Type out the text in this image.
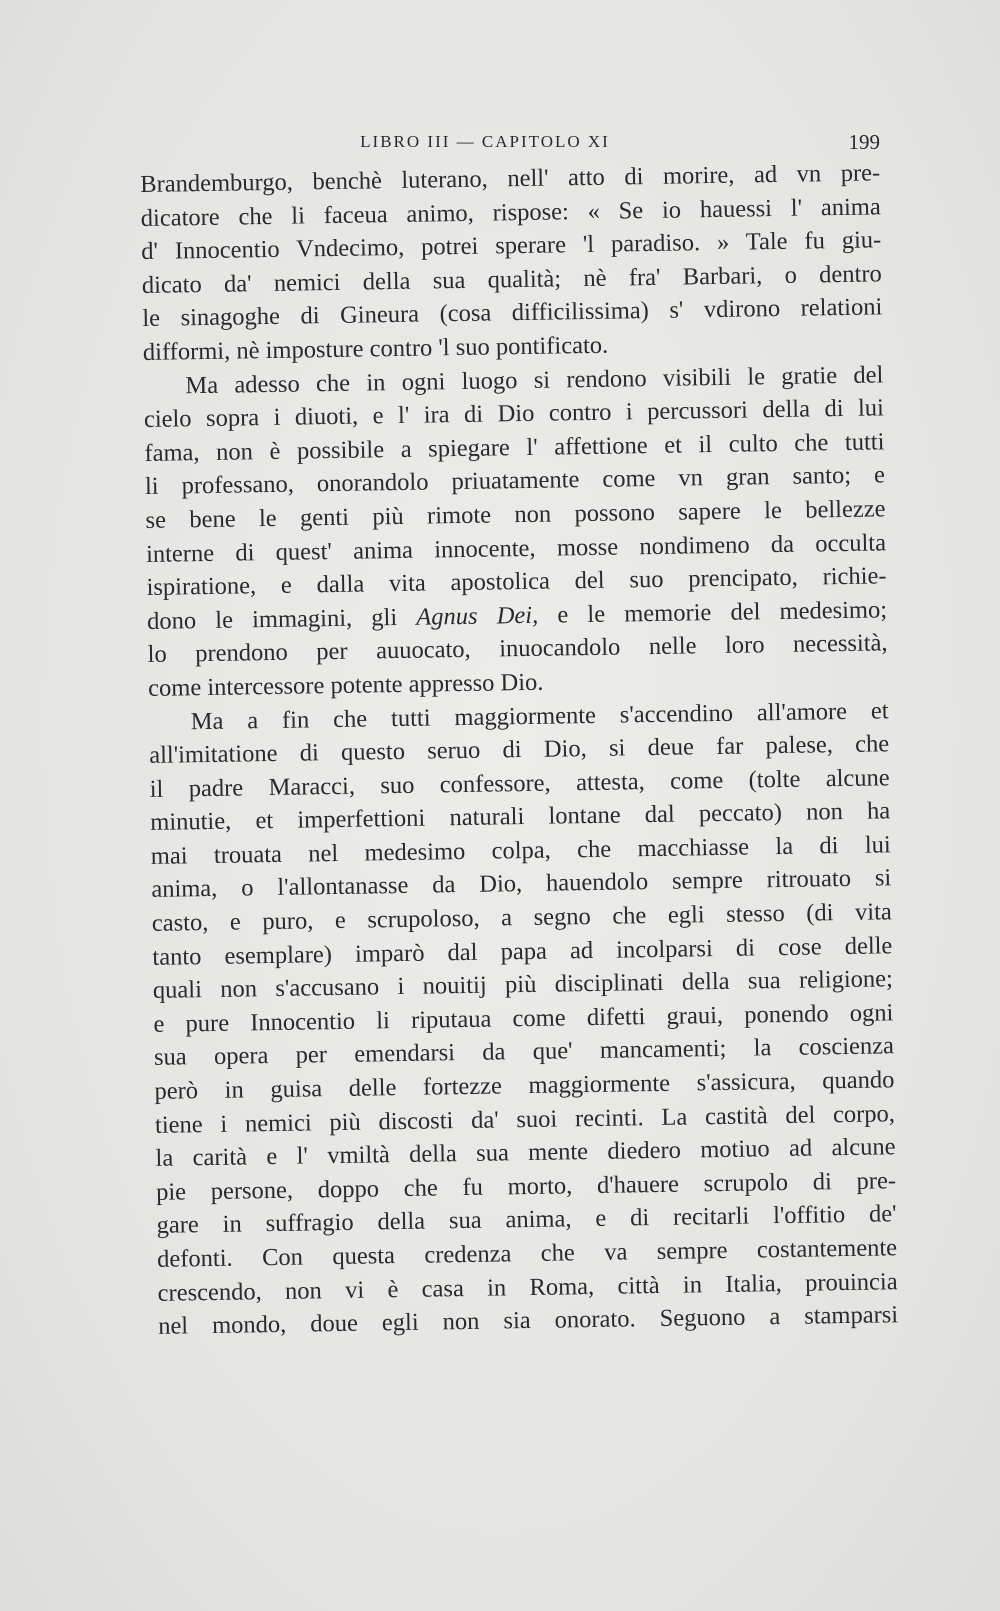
LIBRO III — CAPITOLO XI	199
Brandemburgo, benchè luterano, nell' atto di morire, ad vn pre-
dicatore che li faceua animo, rispose: « Se io hauessi l' anima
d' Innocentio Vndecimo, potrei sperare 'l paradiso. » Tale fu giu-
dicato da' nemici della sua qualità; nè fra' Barbari, o dentro
le sinagoghe di Gineura (cosa difficilissima) s' vdirono relationi
difformi, nè imposture contro 'l suo pontificato.
Ma adesso che in ogni luogo si rendono visibili le gratie del
cielo sopra i diuoti, e l' ira di Dio contro i percussori della di lui
fama, non è possibile a spiegare l' affettione et il culto che tutti
li professano, onorandolo priuatamente come vn gran santo; e
se bene le genti più rimote non possono sapere le bellezze
interne di quest' anima innocente, mosse nondimeno da occulta
ispiratione, e dalla vita apostolica del suo prencipato, richie-
dono le immagini, gli Agnus Dei, e le memorie del medesimo;
lo prendono per auuocato, inuocandolo nelle loro necessità,
come intercessore potente appresso Dio.
Ma a fin che tutti maggiormente s'accendino all'amore et
all'imitatione di questo seruo di Dio, si deue far palese, che
il padre Maracci, suo confessore, attesta, come (tolte alcune
minutie, et imperfettioni naturali lontane dal peccato) non ha
mai trouata nel medesimo colpa, che macchiasse la di lui
anima, o l'allontanasse da Dio, hauendolo sempre ritrouato si
casto, e puro, e scrupoloso, a segno che egli stesso (di vita
tanto esemplare) imparò dal papa ad incolparsi di cose delle
quali non s'accusano i nouitij più disciplinati della sua religione;
e pure Innocentio li riputaua come difetti graui, ponendo ogni
sua opera per emendarsi da que' mancamenti; la coscienza
però in guisa delle fortezze maggiormente s'assicura, quando
tiene i nemici più discosti da' suoi recinti. La castità del corpo,
la carità e l' vmiltà della sua mente diedero motiuo ad alcune
pie persone, doppo che fu morto, d'hauere scrupolo di pre-
gare in suffragio della sua anima, e di recitarli l'offitio de'
defonti. Con questa credenza che va sempre costantemente
crescendo, non vi è casa in Roma, città in Italia, prouincia
nel mondo, doue egli non sia onorato. Seguono a stamparsi
